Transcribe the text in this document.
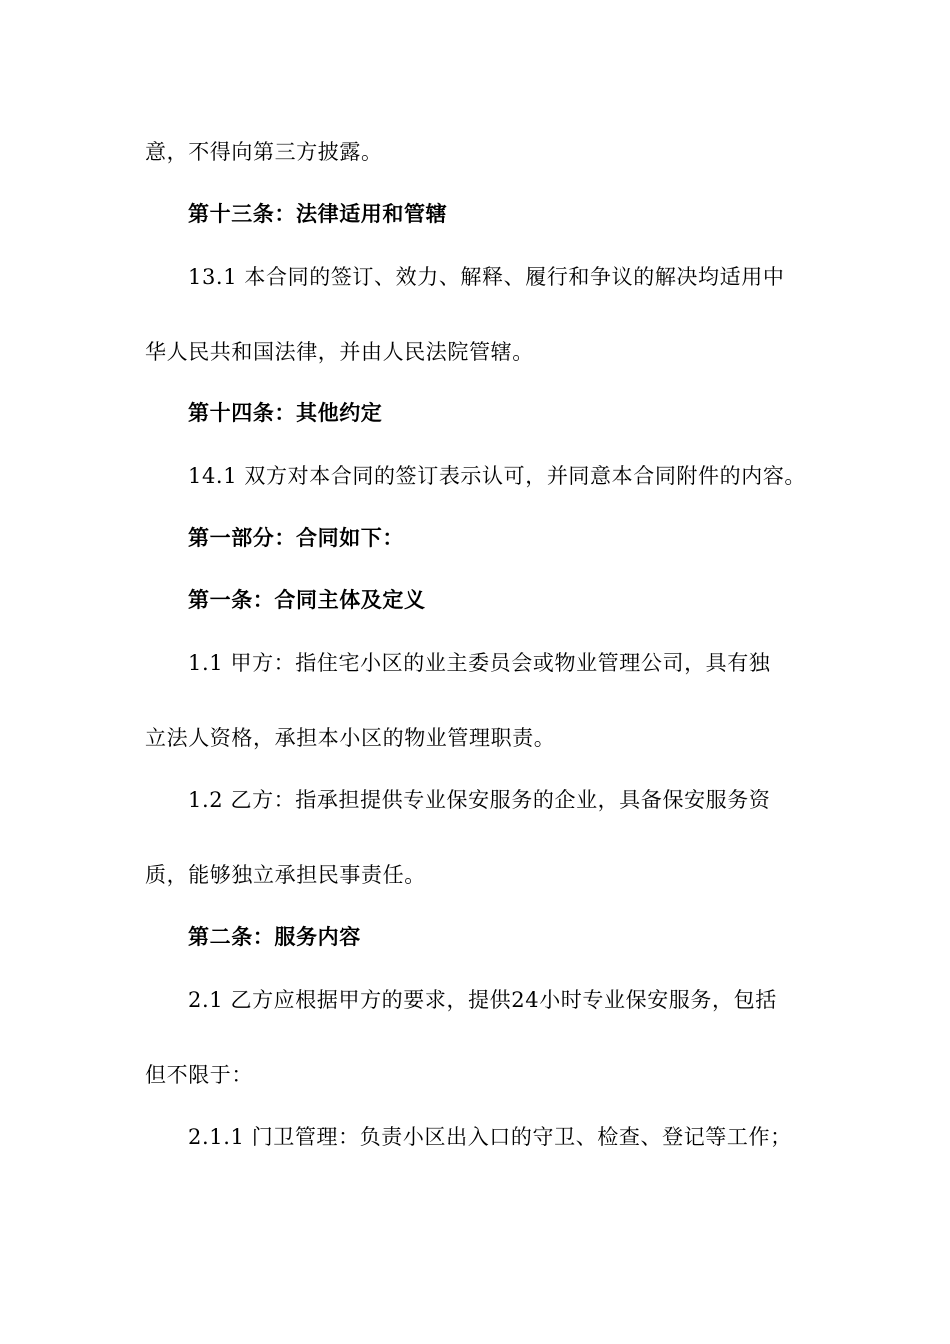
意，不得向第三方披露。
第十三条：法律适用和管辖
13.1 本合同的签订、效力、解释、履行和争议的解决均适用中
华人民共和国法律，并由人民法院管辖。
第十四条：其他约定
14.1 双方对本合同的签订表示认可，并同意本合同附件的内容。
第一部分：合同如下：
第一条：合同主体及定义
1.1 甲方：指住宅小区的业主委员会或物业管理公司，具有独
立法人资格，承担本小区的物业管理职责。
1.2 乙方：指承担提供专业保安服务的企业，具备保安服务资
质，能够独立承担民事责任。
第二条：服务内容
2.1 乙方应根据甲方的要求，提供24小时专业保安服务，包括
但不限于：
2.1.1 门卫管理：负责小区出入口的守卫、检查、登记等工作；
